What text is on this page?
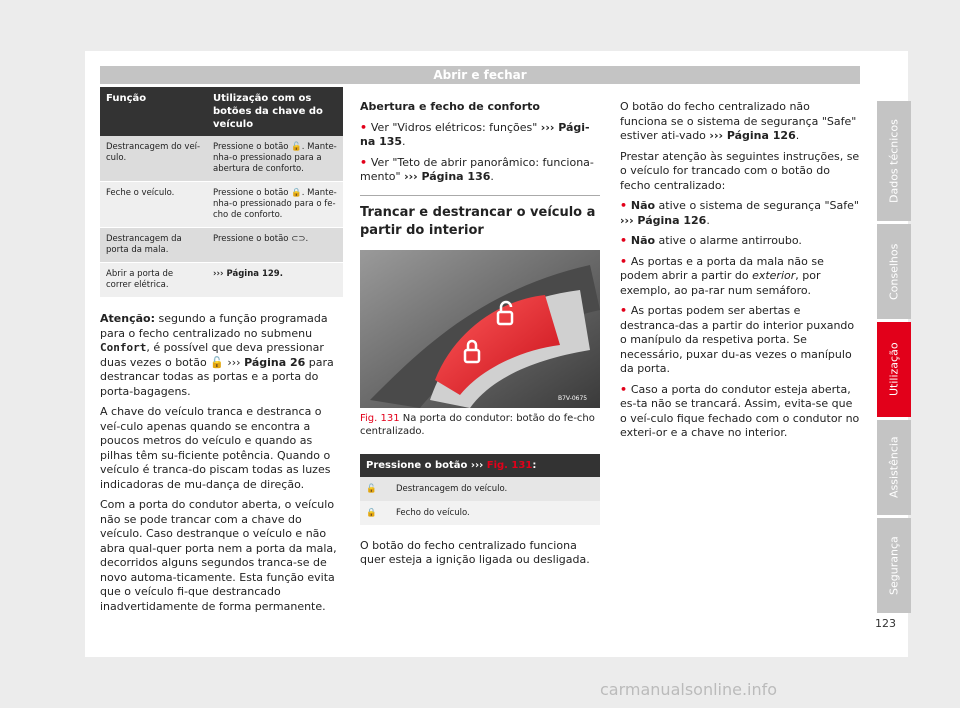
Abrir e fechar
Função	Utilização com os botões da chave do veículo
Destrancagem do veí-culo.	Pressione o botão 🔓. Mante-nha-o pressionado para a abertura de conforto.
Feche o veículo.	Pressione o botão 🔒. Mante-nha-o pressionado para o fe-cho de conforto.
Destrancagem da porta da mala.	Pressione o botão ⊂⊃.
Abrir a porta de correr elétrica.	››› Página 129.

Atenção: segundo a função programada para o fecho centralizado no submenu Confort, é possível que deva pressionar duas vezes o botão 🔓 ››› Página 26 para destrancar todas as portas e a porta do porta-bagagens.

A chave do veículo tranca e destranca o veí-culo apenas quando se encontra a poucos metros do veículo e quando as pilhas têm su-ficiente potência. Quando o veículo é tranca-do piscam todas as luzes indicadoras de mu-dança de direção.

Com a porta do condutor aberta, o veículo não se pode trancar com a chave do veículo. Caso destranque o veículo e não abra qual-quer porta nem a porta da mala, decorridos alguns segundos tranca-se de novo automa-ticamente. Esta função evita que o veículo fi-que destrancado inadvertidamente de forma permanente.

Abertura e fecho de conforto

• Ver "Vidros elétricos: funções" ››› Pági-na 135.

• Ver "Teto de abrir panorâmico: funciona-mento" ››› Página 136.

Trancar e destrancar o veículo a partir do interior
B7V-0675

Fig. 131 Na porta do condutor: botão do fe-cho centralizado.

Pressione o botão ››› Fig. 131:	
🔓	Destrancagem do veículo.
🔒	Fecho do veículo.

O botão do fecho centralizado funciona quer esteja a ignição ligada ou desligada.

O botão do fecho centralizado não funciona se o sistema de segurança "Safe" estiver ati-vado ››› Página 126.

Prestar atenção às seguintes instruções, se o veículo for trancado com o botão do fecho centralizado:

• Não ative o sistema de segurança "Safe" ››› Página 126.

• Não ative o alarme antirroubo.

• As portas e a porta da mala não se podem abrir a partir do exterior, por exemplo, ao pa-rar num semáforo.

• As portas podem ser abertas e destranca-das a partir do interior puxando o manípulo da respetiva porta. Se necessário, puxar du-as vezes o manípulo da porta.

• Caso a porta do condutor esteja aberta, es-ta não se trancará. Assim, evita-se que o veí-culo fique fechado com o condutor no exteri-or e a chave no interior.

Dados técnicos
Conselhos
Utilização
Assistência
Segurança
123
carmanualsonline.info
